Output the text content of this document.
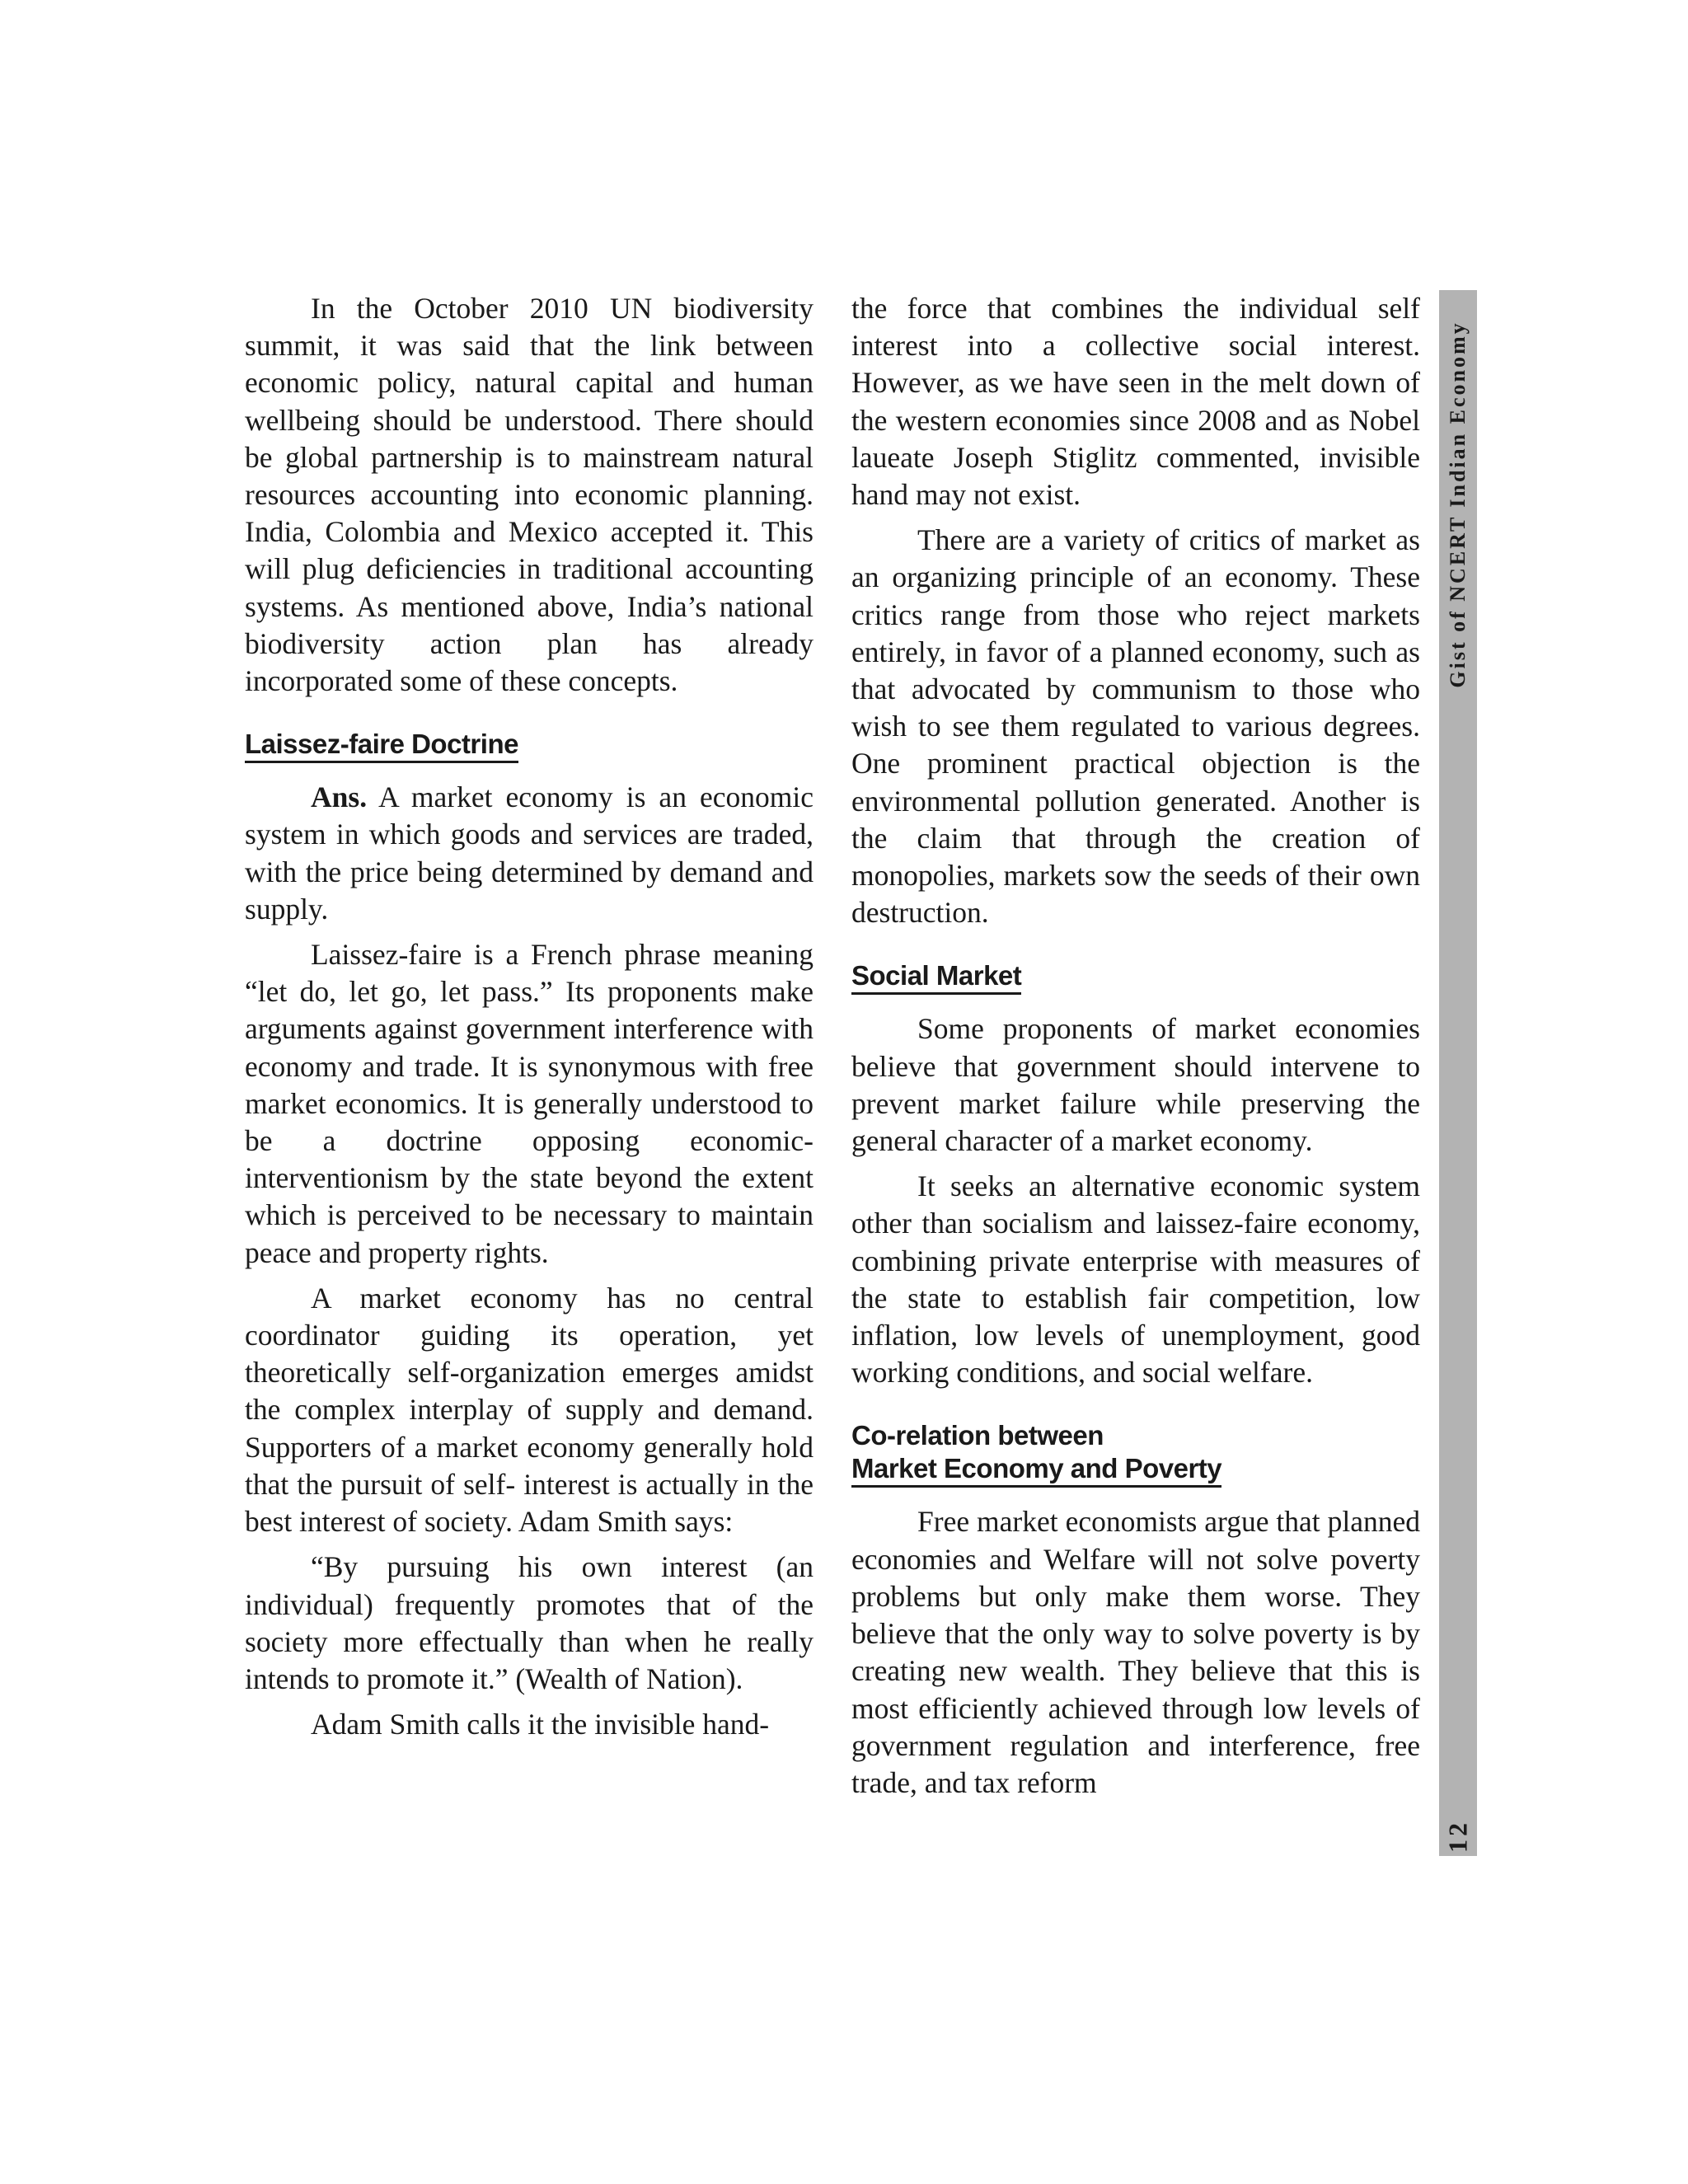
In the October 2010 UN biodiversity summit, it was said that the link between economic policy, natural capital and human wellbeing should be understood. There should be global partnership is to mainstream natural resources accounting into economic planning. India, Colombia and Mexico accepted it. This will plug deficiencies in traditional accounting systems. As mentioned above, India’s national biodiversity action plan has already incorporated some of these concepts.

Laissez-faire Doctrine

Ans. A market economy is an economic system in which goods and services are traded, with the price being determined by demand and supply.

Laissez-faire is a French phrase meaning “let do, let go, let pass.” Its proponents make arguments against government interference with economy and trade. It is synonymous with free market economics. It is generally understood to be a doctrine opposing economic-interventionism by the state beyond the extent which is perceived to be necessary to maintain peace and property rights.

A market economy has no central coordinator guiding its operation, yet theoretically self-organization emerges amidst the complex interplay of supply and demand. Supporters of a market economy generally hold that the pursuit of self- interest is actually in the best interest of society. Adam Smith says:

“By pursuing his own interest (an individual) frequently promotes that of the society more effectually than when he really intends to promote it.” (Wealth of Nation).

Adam Smith calls it the invisible hand-

the force that combines the individual self interest into a collective social interest. However, as we have seen in the melt down of the western economies since 2008 and as Nobel laueate Joseph Stiglitz commented, invisible hand may not exist.

There are a variety of critics of market as an organizing principle of an economy. These critics range from those who reject markets entirely, in favor of a planned economy, such as that advocated by communism to those who wish to see them regulated to various degrees. One prominent practical objection is the environmental pollution generated. Another is the claim that through the creation of monopolies, markets sow the seeds of their own destruction.

Social Market

Some proponents of market economies believe that government should intervene to prevent market failure while preserving the general character of a market economy.

It seeks an alternative economic system other than socialism and laissez-faire economy, combining private enterprise with measures of the state to establish fair competition, low inflation, low levels of unemployment, good working conditions, and social welfare.

Co-relation between
Market Economy and Poverty

Free market economists argue that planned economies and Welfare will not solve poverty problems but only make them worse. They believe that the only way to solve poverty is by creating new wealth. They believe that this is most efficiently achieved through low levels of government regulation and interference, free trade, and tax reform

Gist of NCERT Indian Economy
12
